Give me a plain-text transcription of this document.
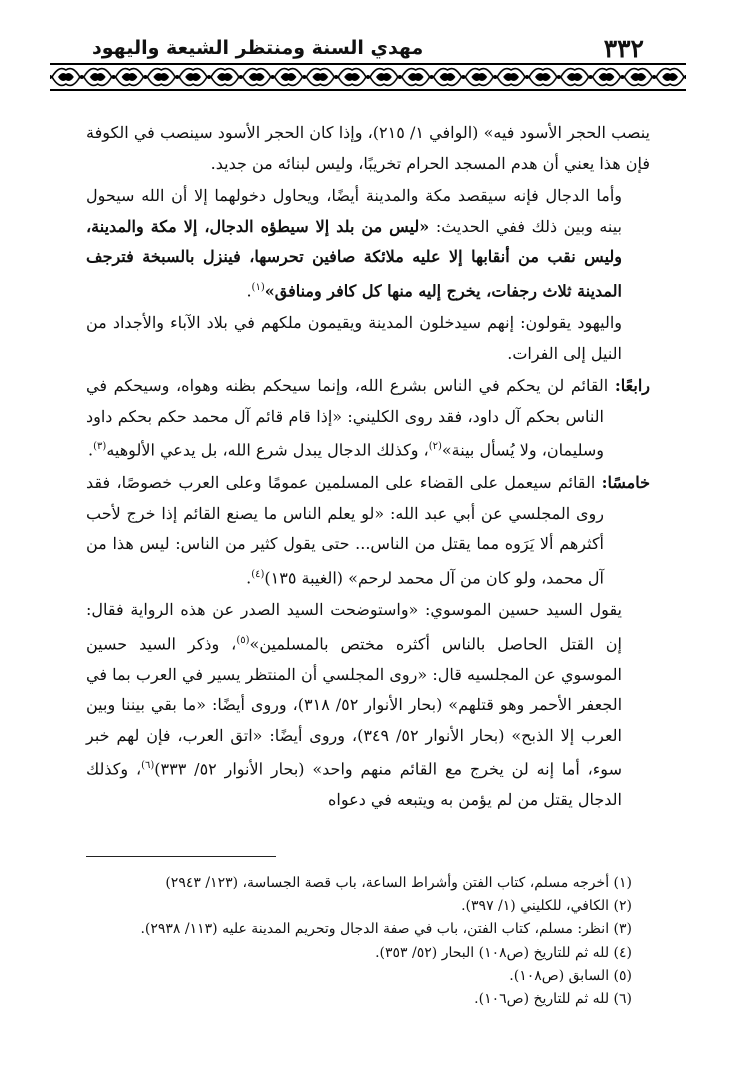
٣٣٢
مهدي السنة ومنتظر الشيعة واليهود

ينصب الحجر الأسود فيه» (الوافي ١/ ٢١٥)، وإذا كان الحجر الأسود سينصب في الكوفة فإن هذا يعني أن هدم المسجد الحرام تخريبًا، وليس لبنائه من جديد.

وأما الدجال فإنه سيقصد مكة والمدينة أيضًا، ويحاول دخولهما إلا أن الله سيحول بينه وبين ذلك ففي الحديث: «ليس من بلد إلا سيطؤه الدجال، إلا مكة والمدينة، وليس نقب من أنقابها إلا عليه ملائكة صافين تحرسها، فينزل بالسبخة فترجف المدينة ثلاث رجفات، يخرج إليه منها كل كافر ومنافق»$^{(١)}$.

واليهود يقولون: إنهم سيدخلون المدينة ويقيمون ملكهم في بلاد الآباء والأجداد من النيل إلى الفرات.

رابعًا: القائم لن يحكم في الناس بشرع الله، وإنما سيحكم بظنه وهواه، وسيحكم في الناس بحكم آل داود، فقد روى الكليني: «إذا قام قائم آل محمد حكم بحكم داود وسليمان، ولا يُسأل بينة»$^{(٢)}$، وكذلك الدجال يبدل شرع الله، بل يدعي الألوهيه$^{(٣)}$.

خامسًا: القائم سيعمل على القضاء على المسلمين عمومًا وعلى العرب خصوصًا، فقد روى المجلسي عن أبي عبد الله: «لو يعلم الناس ما يصنع القائم إذا خرج لأحب أكثرهم ألا يَرَوه مما يقتل من الناس... حتى يقول كثير من الناس: ليس هذا من آل محمد، ولو كان من آل محمد لرحم» (الغيبة ١٣٥)$^{(٤)}$.

يقول السيد حسين الموسوي: «واستوضحت السيد الصدر عن هذه الرواية فقال: إن القتل الحاصل بالناس أكثره مختص بالمسلمين»$^{(٥)}$، وذكر السيد حسين الموسوي عن المجلسيه قال: «روى المجلسي أن المنتظر يسير في العرب بما في الجعفر الأحمر وهو قتلهم» (بحار الأنوار ٥٢/ ٣١٨)، وروى أيضًا: «ما بقي بيننا وبين العرب إلا الذبح» (بحار الأنوار ٥٢/ ٣٤٩)، وروى أيضًا: «اتق العرب، فإن لهم خبر سوء، أما إنه لن يخرج مع القائم منهم واحد» (بحار الأنوار ٥٢/ ٣٣٣)$^{(٦)}$، وكذلك الدجال يقتل من لم يؤمن به ويتبعه في دعواه

(١) أخرجه مسلم، كتاب الفتن وأشراط الساعة، باب قصة الجساسة، (١٢٣/ ٢٩٤٣)
(٢) الكافي، للكليني (١/ ٣٩٧).
(٣) انظر: مسلم، كتاب الفتن، باب في صفة الدجال وتحريم المدينة عليه (١١٣/ ٢٩٣٨).
(٤) لله ثم للتاريخ (ص١٠٨) البحار (٥٢/ ٣٥٣).
(٥) السابق (ص١٠٨).
(٦) لله ثم للتاريخ (ص١٠٦).
